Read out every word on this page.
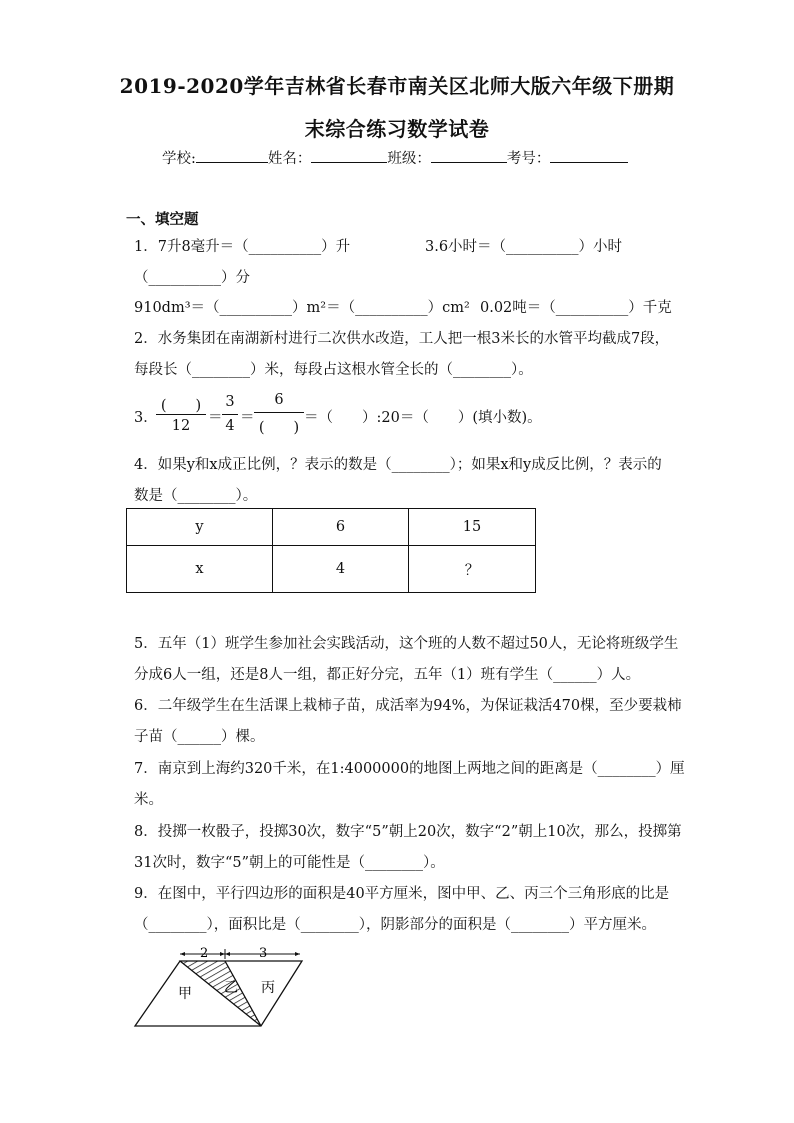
2019-2020学年吉林省长春市南关区北师大版六年级下册期
末综合练习数学试卷
学校:	姓名：	班级：	考号：
一、填空题
1．7升8毫升＝（__________）升	3.6小时＝（__________）小时
（__________）分
910dm³＝（__________）m²＝（__________）cm² 0.02吨＝（__________）千克
2．水务集团在南湖新村进行二次供水改造，工人把一根3米长的水管平均截成7段，
每段长（________）米，每段占这根水管全长的（________）。
3．
(　　)
12	＝
3
4 ＝
6
(　　)
＝（　　）:20＝（　　）(填小数)。
4．如果y和x成正比例，？表示的数是（________）；如果x和y成反比例，？表示的
数是（________）。
y	6	15
x	4	？
5．五年（1）班学生参加社会实践活动，这个班的人数不超过50人，无论将班级学生
分成6人一组，还是8人一组，都正好分完，五年（1）班有学生（______）人。
6．二年级学生在生活课上栽柿子苗，成活率为94%，为保证栽活470棵，至少要栽柿
子苗（______）棵。
7．南京到上海约320千米，在1:4000000的地图上两地之间的距离是（________）厘
米。
8．投掷一枚骰子，投掷30次，数字“5”朝上20次，数字“2”朝上10次，那么，投掷第
31次时，数字“5”朝上的可能性是（________）。
9．在图中，平行四边形的面积是40平方厘米，图中甲、乙、丙三个三角形底的比是
（________），面积比是（________），阴影部分的面积是（________）平方厘米。
2	3
甲 乙 丙
